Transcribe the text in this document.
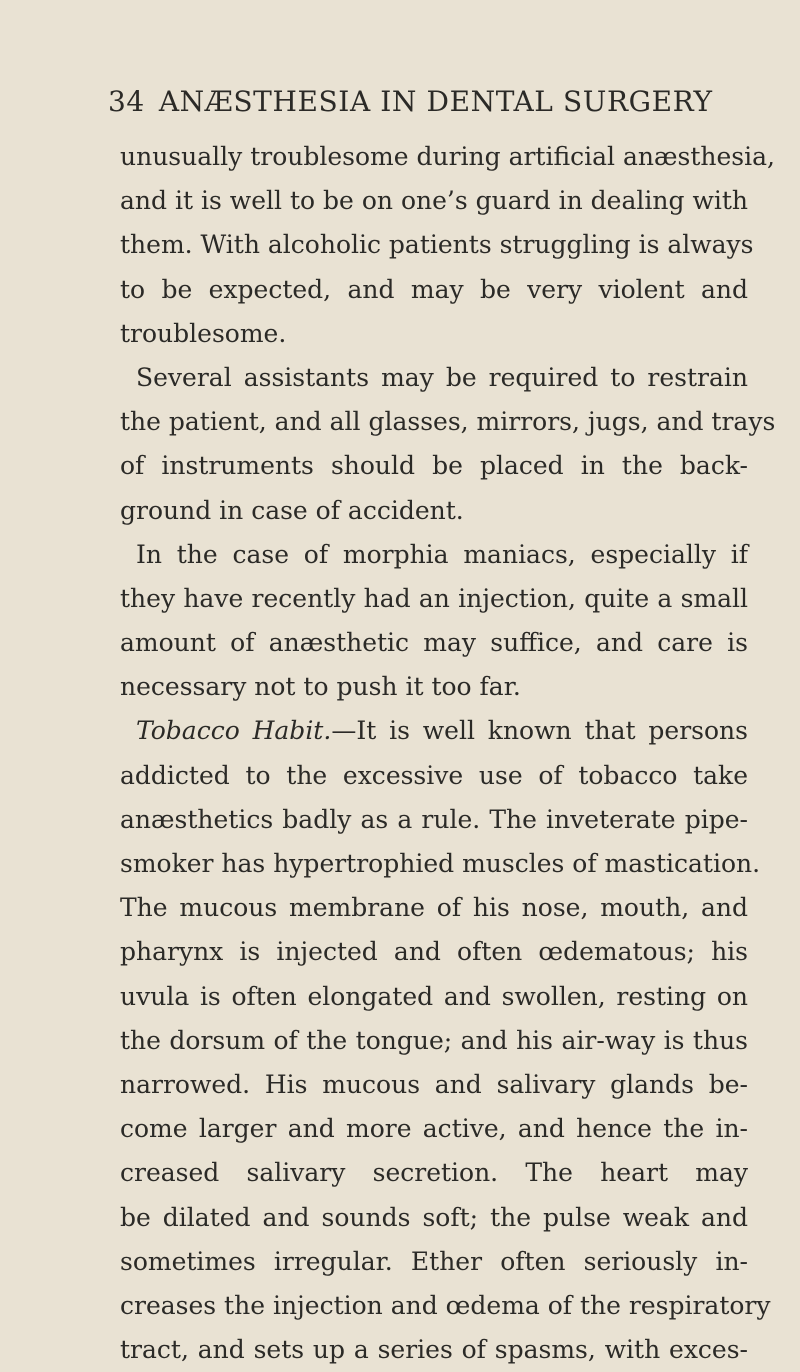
34 ANÆSTHESIA IN DENTAL SURGERY
unusually troublesome during artificial anæsthesia,
and it is well to be on one’s guard in dealing with
them. With alcoholic patients struggling is always
to be expected, and may be very violent and
troublesome.
Several assistants may be required to restrain
the patient, and all glasses, mirrors, jugs, and trays
of instruments should be placed in the back-
ground in case of accident.
In the case of morphia maniacs, especially if
they have recently had an injection, quite a small
amount of anæsthetic may suffice, and care is
necessary not to push it too far.
Tobacco Habit.—It is well known that persons
addicted to the excessive use of tobacco take
anæsthetics badly as a rule. The inveterate pipe-
smoker has hypertrophied muscles of mastication.
The mucous membrane of his nose, mouth, and
pharynx is injected and often œdematous; his
uvula is often elongated and swollen, resting on
the dorsum of the tongue; and his air-way is thus
narrowed. His mucous and salivary glands be-
come larger and more active, and hence the in-
creased salivary secretion. The heart may
be dilated and sounds soft; the pulse weak and
sometimes irregular. Ether often seriously in-
creases the injection and œdema of the respiratory
tract, and sets up a series of spasms, with exces-
